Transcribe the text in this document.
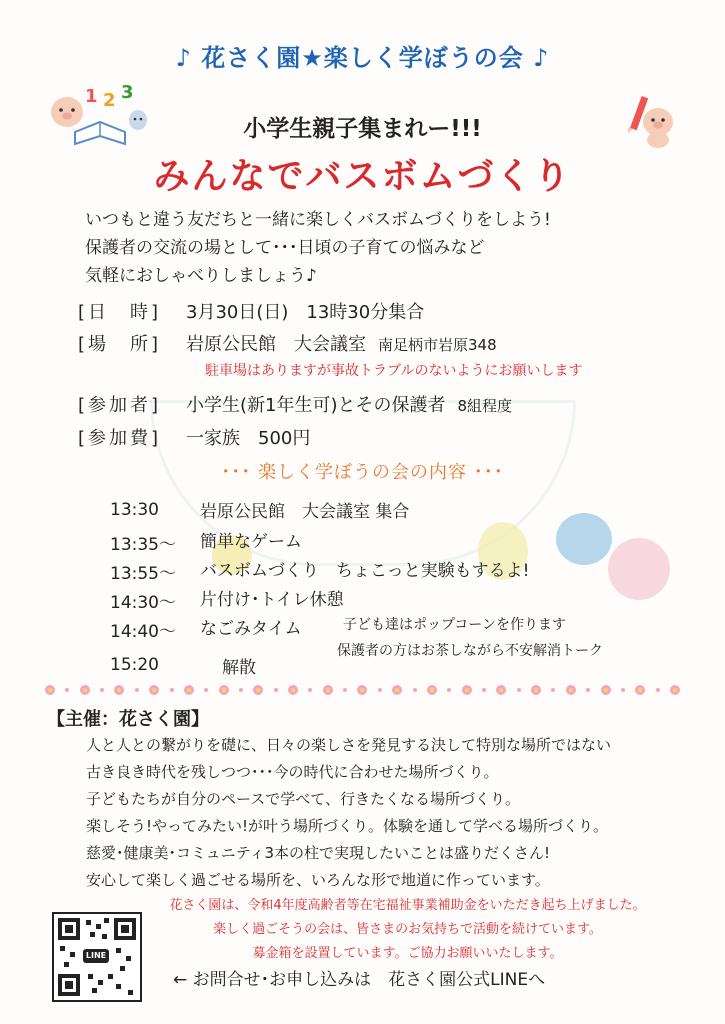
1 2 3
♪ 花さく園★楽しく学ぼうの会 ♪
小学生親子集まれー!!!
みんなでバスボムづくり
いつもと違う友だちと一緒に楽しくバスボムづくりをしよう!
保護者の交流の場として･･･日頃の子育ての悩みなど
気軽におしゃべりしましょう♪
[日　時] 3月30日(日)　13時30分集合
[場　所] 岩原公民館　大会議室 南足柄市岩原348
駐車場はありますが事故トラブルのないようにお願いします
[参加者] 小学生(新1年生可)とその保護者 8組程度
[参加費] 一家族　500円
･･･ 楽しく学ぼうの会の内容 ･･･
13:30 岩原公民館　大会議室 集合
13:35～ 簡単なゲーム
13:55～ バスボムづくり　ちょこっと実験もするよ!
14:30～ 片付け･トイレ休憩
14:40～ なごみタイム	子ども達はポップコーンを作ります
15:20	解散
保護者の方はお茶しながら不安解消トーク
【主催：花さく園】
人と人との繋がりを礎に、日々の楽しさを発見する決して特別な場所ではない
古き良き時代を残しつつ･･･今の時代に合わせた場所づくり。
子どもたちが自分のペースで学べて、行きたくなる場所づくり。
楽しそう!やってみたい!が叶う場所づくり。体験を通して学べる場所づくり。
慈愛･健康美･コミュニティ3本の柱で実現したいことは盛りだくさん!
安心して楽しく過ごせる場所を、いろんな形で地道に作っています。
花さく園は、令和4年度高齢者等在宅福祉事業補助金をいただき起ち上げました。
楽しく過ごそうの会は、皆さまのお気持ちで活動を続けています。
募金箱を設置しています。ご協力お願いいたします。
LINE
← お問合せ･お申し込みは　花さく園公式LINEへ
